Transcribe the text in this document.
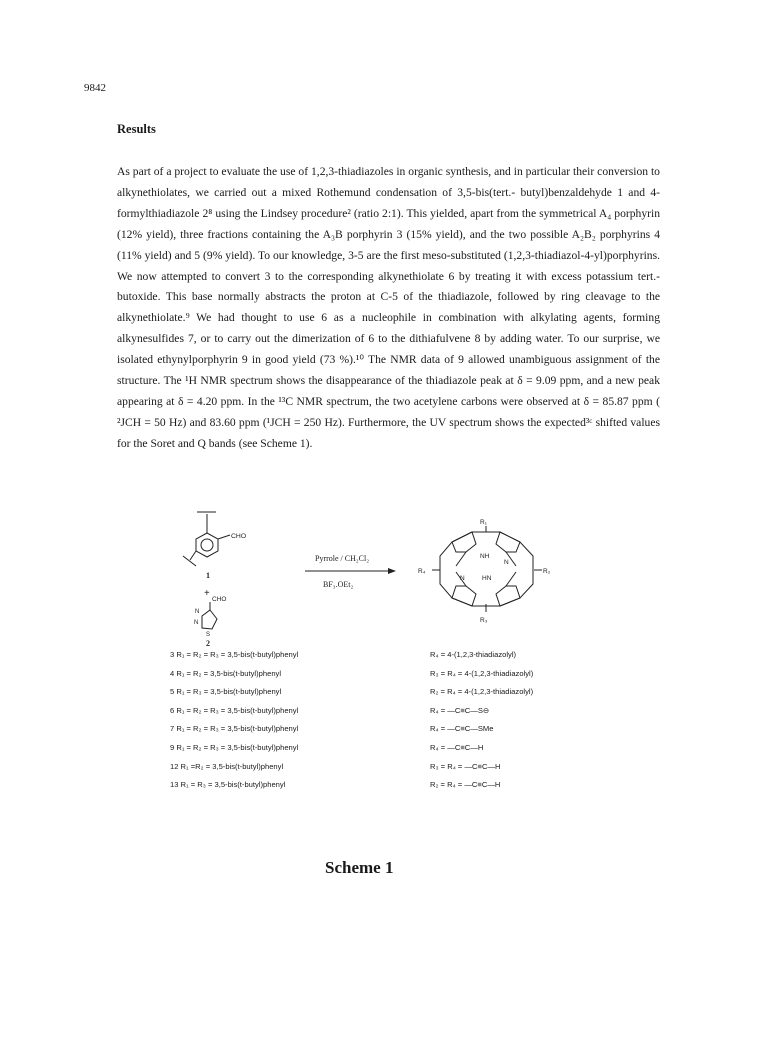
9842
Results

As part of a project to evaluate the use of 1,2,3-thiadiazoles in organic synthesis, and in particular their conversion to alkynethiolates, we carried out a mixed Rothemund condensation of 3,5-bis(tert.- butyl)benzaldehyde 1 and 4-formylthiadiazole 2⁸ using the Lindsey procedure² (ratio 2:1). This yielded, apart from the symmetrical A₄ porphyrin (12% yield), three fractions containing the A₃B porphyrin 3 (15% yield), and the two possible A₂B₂ porphyrins 4 (11% yield) and 5 (9% yield). To our knowledge, 3-5 are the first meso-substituted (1,2,3-thiadiazol-4-yl)porphyrins. We now attempted to convert 3 to the corresponding alkynethiolate 6 by treating it with excess potassium tert.-butoxide. This base normally abstracts the proton at C-5 of the thiadiazole, followed by ring cleavage to the alkynethiolate.⁹ We had thought to use 6 as a nucleophile in combination with alkylating agents, forming alkynesulfides 7, or to carry out the dimerization of 6 to the dithiafulvene 8 by adding water. To our surprise, we isolated ethynylporphyrin 9 in good yield (73 %).¹⁰ The NMR data of 9 allowed unambiguous assignment of the structure. The ¹H NMR spectrum shows the disappearance of the thiadiazole peak at δ = 9.09 ppm, and a new peak appearing at δ = 4.20 ppm. In the ¹³C NMR spectrum, the two acetylene carbons were observed at δ = 85.87 ppm ( ²JCH = 50 Hz) and 83.60 ppm (¹JCH = 250 Hz). Furthermore, the UV spectrum shows the expected³ᶜ shifted values for the Soret and Q bands (see Scheme 1).

CHO
1
+
CHO
N
N
S
2
Pyrrole / CH₂Cl₂
BF₃.OEt₂
NH
N
N	HN
R₁
R₂
R₃
R₄
3 R₁ = R₂ = R₃ = 3,5-bis(t-butyl)phenyl	R₄ = 4-(1,2,3-thiadiazolyl)
4 R₁ = R₂ = 3,5-bis(t-butyl)phenyl	R₃ = R₄ = 4-(1,2,3-thiadiazolyl)
5 R₁ = R₃ = 3,5-bis(t-butyl)phenyl	R₂ = R₄ = 4-(1,2,3-thiadiazolyl)
6 R₁ = R₂ = R₃ = 3,5-bis(t-butyl)phenyl	R₄ = —C≡C—S⊖
7 R₁ = R₂ = R₃ = 3,5-bis(t-butyl)phenyl	R₄ = —C≡C—SMe
9 R₁ = R₂ = R₃ = 3,5-bis(t-butyl)phenyl	R₄ = —C≡C—H
12 R₁ =R₂ = 3,5-bis(t-butyl)phenyl	R₃ = R₄ = —C≡C—H
13 R₁ = R₃ = 3,5-bis(t-butyl)phenyl	R₂ = R₄ = —C≡C—H
Scheme 1
